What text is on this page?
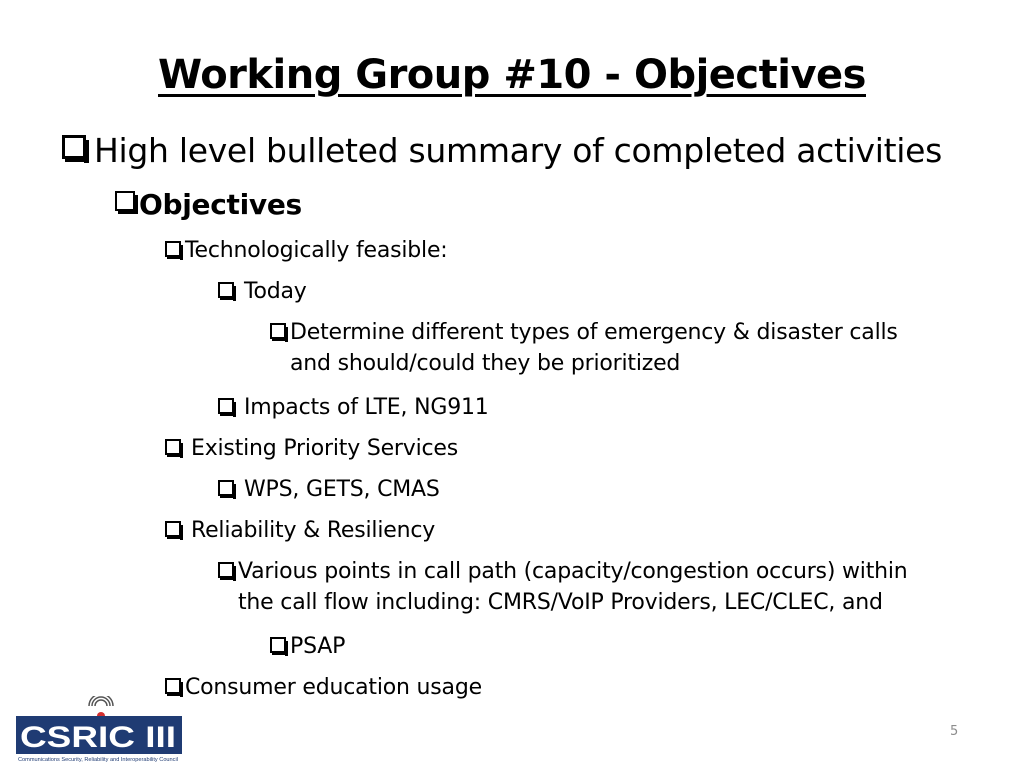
Working Group #10 - Objectives
High level bulleted summary of completed activities
Objectives
Technologically feasible:
Today
Determine different types of emergency & disaster calls
and should/could they be prioritized
Impacts of LTE, NG911
Existing Priority Services
WPS, GETS, CMAS
Reliability & Resiliency
Various points in call path (capacity/congestion occurs) within
the call flow including: CMRS/VoIP Providers, LEC/CLEC, and
PSAP
Consumer education usage
CSRIC III
Communications Security, Reliability and Interoperability Council
5
